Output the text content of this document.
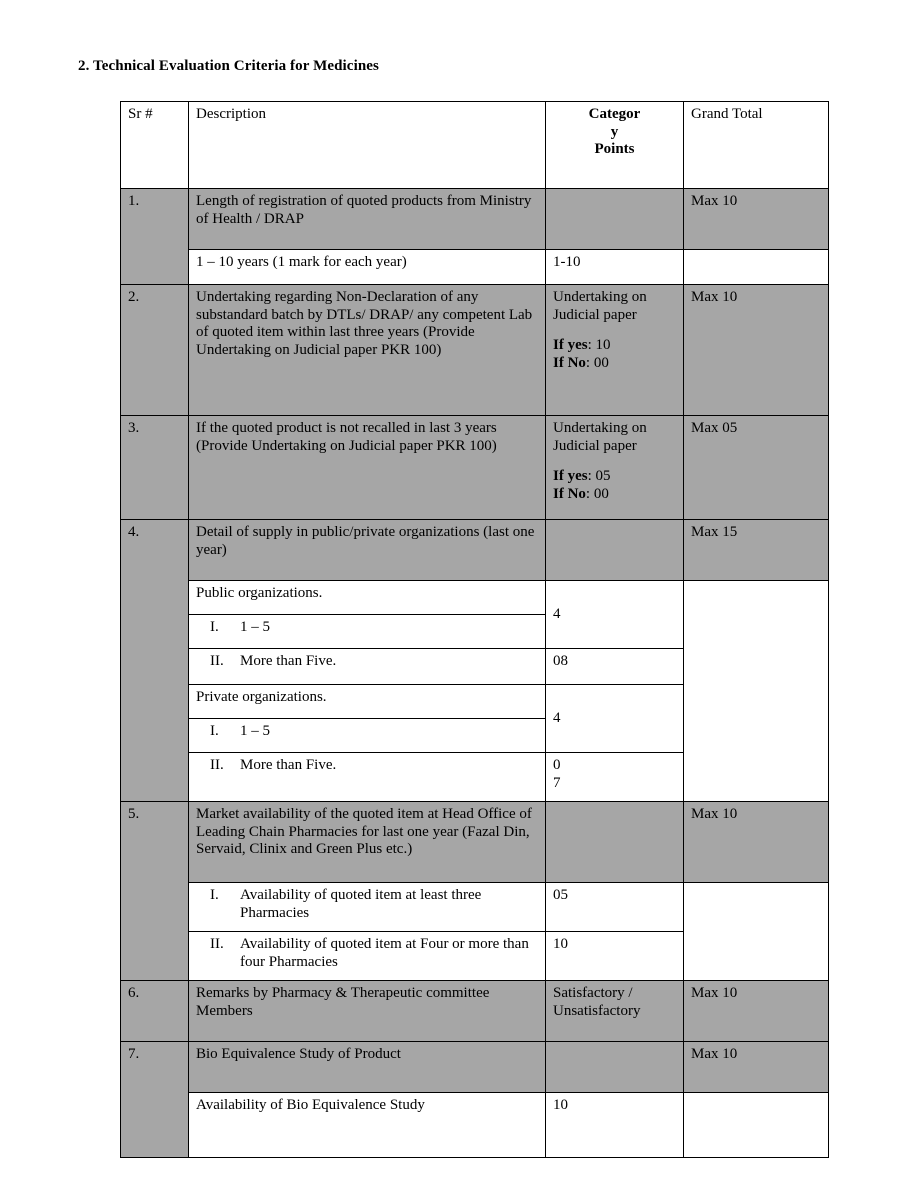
2. Technical Evaluation Criteria for Medicines
Sr #	Description	Categor
y
Points	Grand Total
1.	Length of registration of quoted products from Ministry of Health / DRAP		Max 10
	1 – 10 years (1 mark for each year)	1-10	
2.	Undertaking regarding Non-Declaration of any substandard batch by DTLs/ DRAP/ any competent Lab of quoted item within last three years (Provide Undertaking on Judicial paper PKR 100)	Undertaking on
Judicial paper
If yes: 10
If No: 00	Max 10
3.	If the quoted product is not recalled in last 3 years (Provide Undertaking on Judicial paper PKR 100)	Undertaking on
Judicial paper
If yes: 05
If No: 00	Max 05
4.	Detail of supply in public/private organizations (last one year)		Max 15
	Public organizations.	4	

	I. 1 – 5		

	II. More than Five.	08	
	Private organizations.	4	

	I. 1 – 5		

	II. More than Five.	0
7	
5.	Market availability of the quoted item at Head Office of Leading Chain Pharmacies for last one year (Fazal Din, Servaid, Clinix and Green Plus etc.)		Max 10

	I. Availability of quoted item at least three Pharmacies	05	

	II. Availability of quoted item at Four or more than four Pharmacies	10	
6.	Remarks by Pharmacy & Therapeutic committee Members	Satisfactory /
Unsatisfactory	Max 10
7.	Bio Equivalence Study of Product		Max 10
	Availability of Bio Equivalence Study	10	
